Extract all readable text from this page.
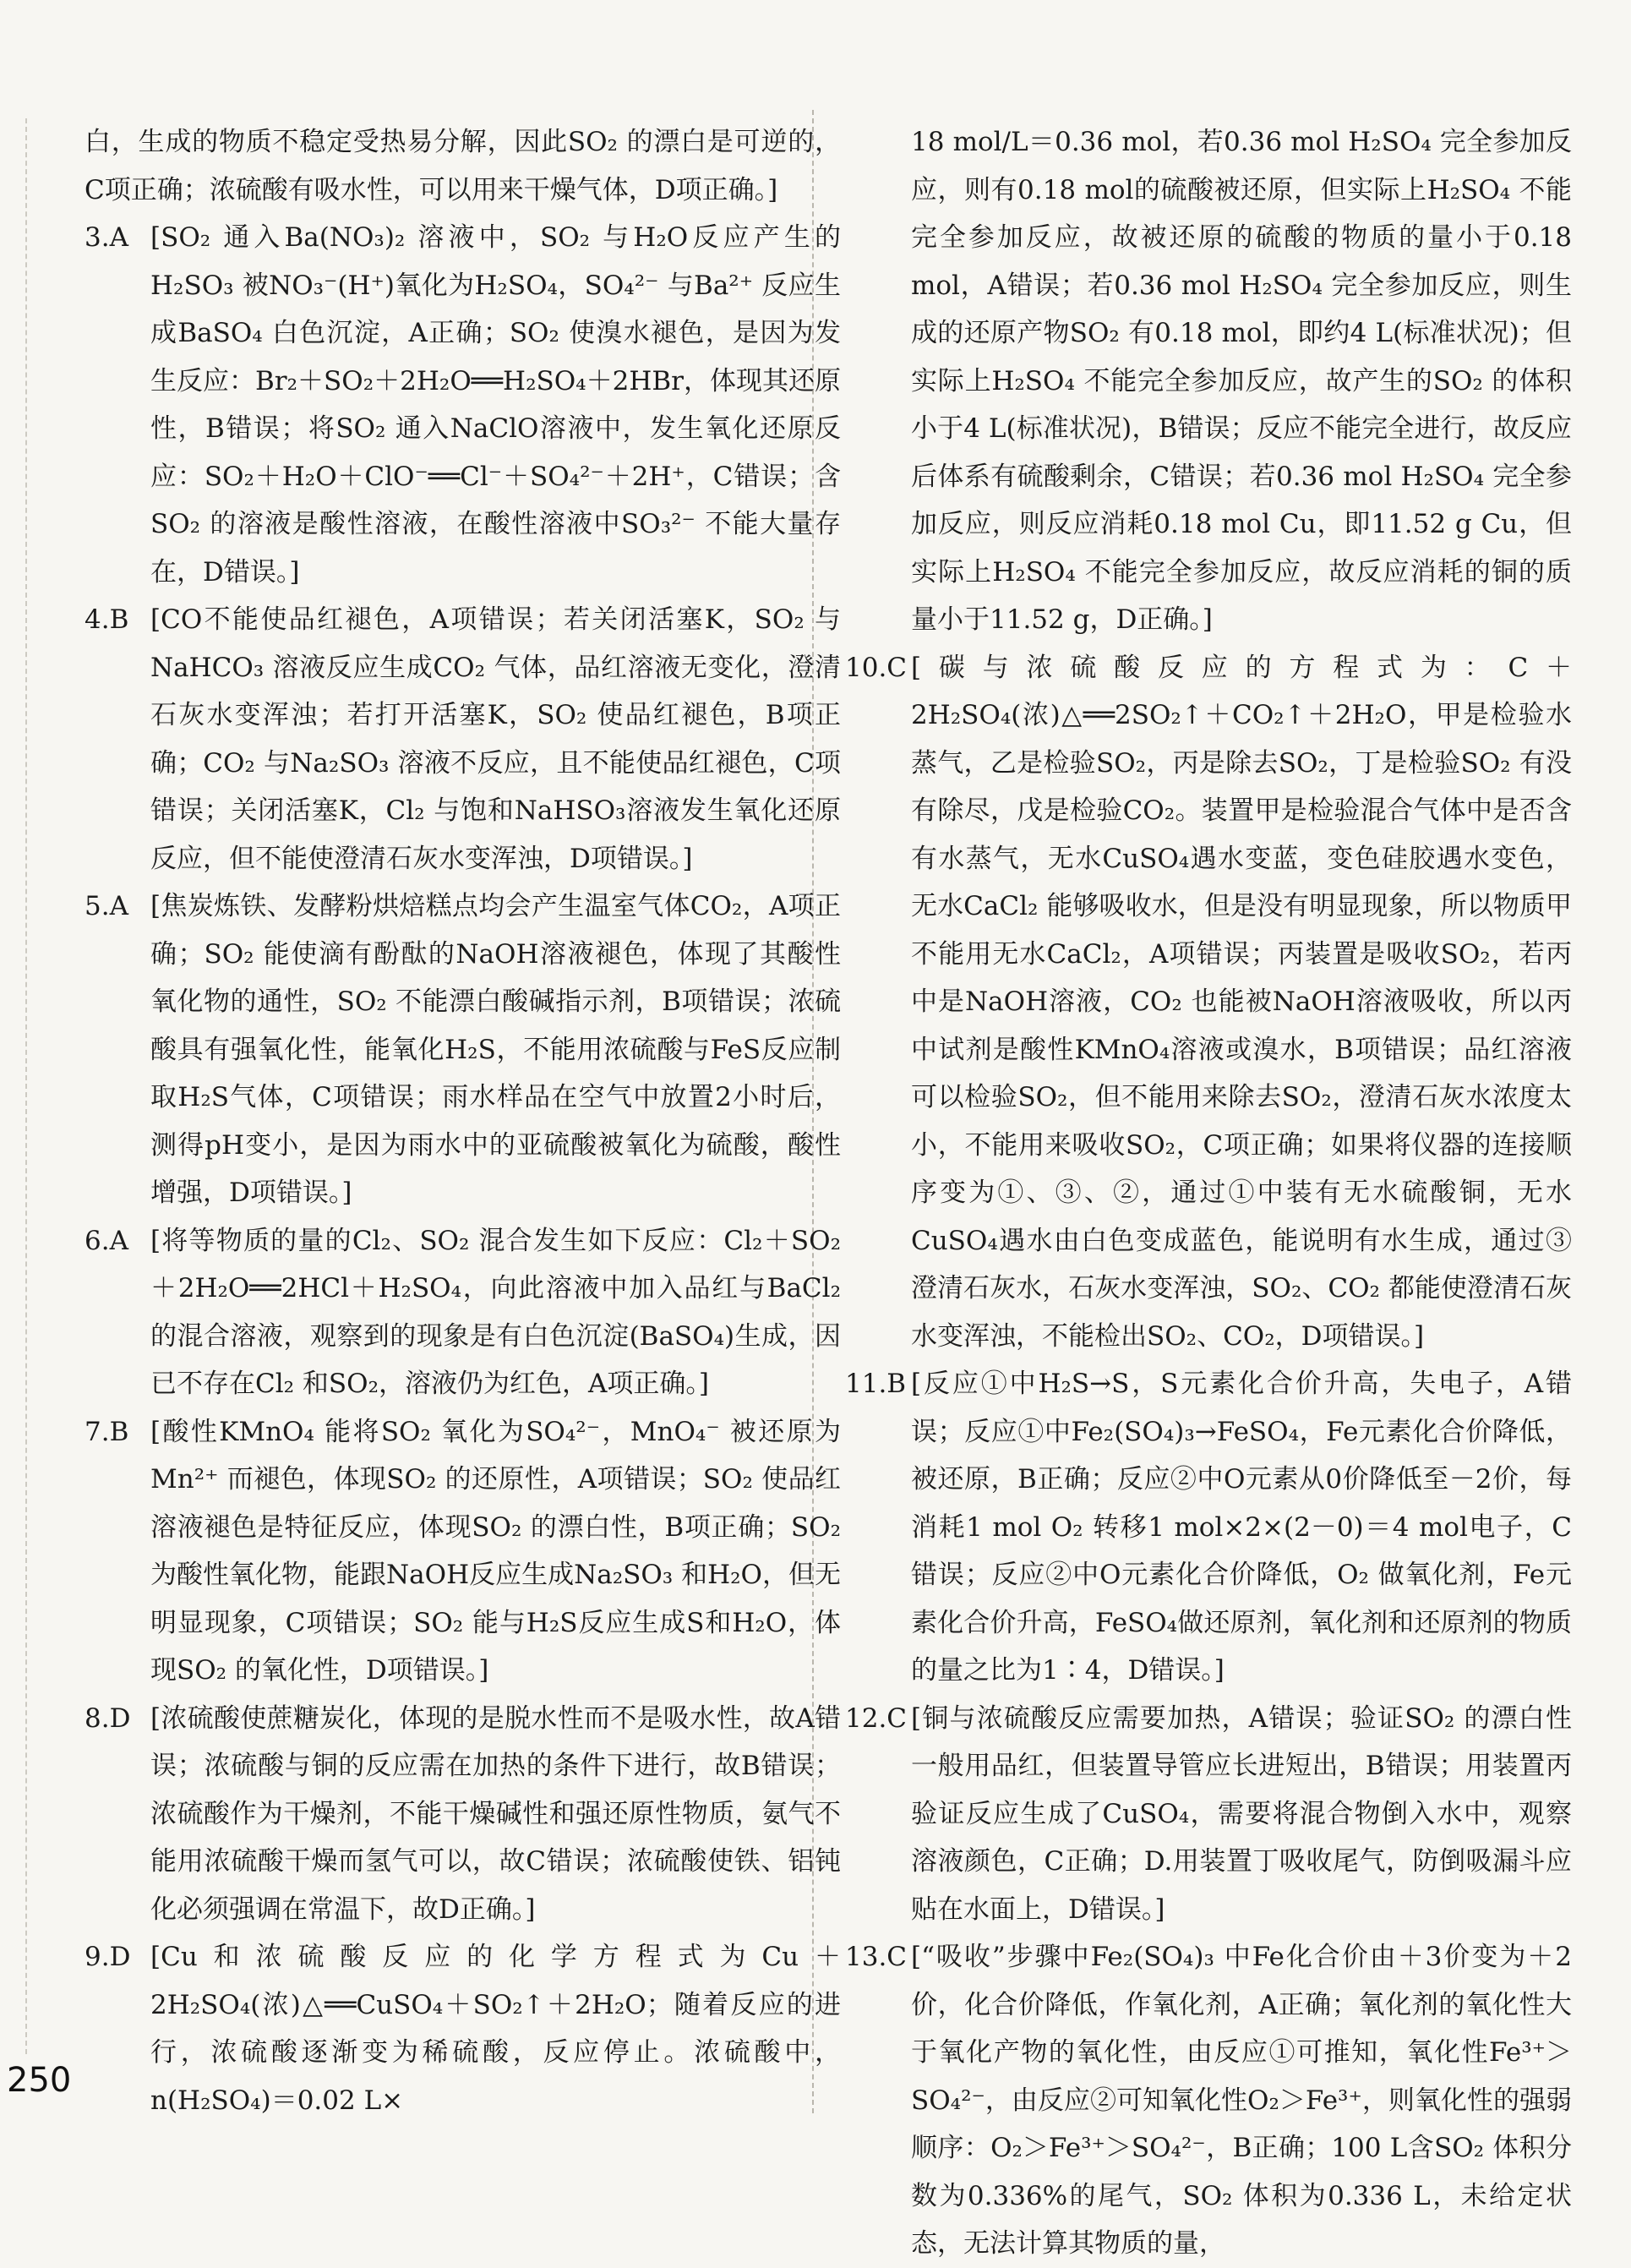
白，生成的物质不稳定受热易分解，因此SO₂ 的漂白是可逆的，C项正确；浓硫酸有吸水性，可以用来干燥气体，D项正确。]
3.A [SO₂ 通入Ba(NO₃)₂ 溶液中，SO₂ 与H₂O反应产生的H₂SO₃ 被NO₃⁻(H⁺)氧化为H₂SO₄，SO₄²⁻ 与Ba²⁺ 反应生成BaSO₄ 白色沉淀，A正确；SO₂ 使溴水褪色，是因为发生反应：Br₂＋SO₂＋2H₂O══H₂SO₄＋2HBr，体现其还原性，B错误；将SO₂ 通入NaClO溶液中，发生氧化还原反应：SO₂＋H₂O＋ClO⁻══Cl⁻＋SO₄²⁻＋2H⁺，C错误；含SO₂ 的溶液是酸性溶液，在酸性溶液中SO₃²⁻ 不能大量存在，D错误。]
4.B [CO不能使品红褪色，A项错误；若关闭活塞K，SO₂ 与NaHCO₃ 溶液反应生成CO₂ 气体，品红溶液无变化，澄清石灰水变浑浊；若打开活塞K，SO₂ 使品红褪色，B项正确；CO₂ 与Na₂SO₃ 溶液不反应，且不能使品红褪色，C项错误；关闭活塞K，Cl₂ 与饱和NaHSO₃溶液发生氧化还原反应，但不能使澄清石灰水变浑浊，D项错误。]
5.A [焦炭炼铁、发酵粉烘焙糕点均会产生温室气体CO₂，A项正确；SO₂ 能使滴有酚酞的NaOH溶液褪色，体现了其酸性氧化物的通性，SO₂ 不能漂白酸碱指示剂，B项错误；浓硫酸具有强氧化性，能氧化H₂S，不能用浓硫酸与FeS反应制取H₂S气体，C项错误；雨水样品在空气中放置2小时后，测得pH变小，是因为雨水中的亚硫酸被氧化为硫酸，酸性增强，D项错误。]
6.A [将等物质的量的Cl₂、SO₂ 混合发生如下反应：Cl₂＋SO₂＋2H₂O══2HCl＋H₂SO₄，向此溶液中加入品红与BaCl₂ 的混合溶液，观察到的现象是有白色沉淀(BaSO₄)生成，因已不存在Cl₂ 和SO₂，溶液仍为红色，A项正确。]
7.B [酸性KMnO₄ 能将SO₂ 氧化为SO₄²⁻，MnO₄⁻ 被还原为Mn²⁺ 而褪色，体现SO₂ 的还原性，A项错误；SO₂ 使品红溶液褪色是特征反应，体现SO₂ 的漂白性，B项正确；SO₂ 为酸性氧化物，能跟NaOH反应生成Na₂SO₃ 和H₂O，但无明显现象，C项错误；SO₂ 能与H₂S反应生成S和H₂O，体现SO₂ 的氧化性，D项错误。]
8.D [浓硫酸使蔗糖炭化，体现的是脱水性而不是吸水性，故A错误；浓硫酸与铜的反应需在加热的条件下进行，故B错误；浓硫酸作为干燥剂，不能干燥碱性和强还原性物质，氨气不能用浓硫酸干燥而氢气可以，故C错误；浓硫酸使铁、铝钝化必须强调在常温下，故D正确。]
9.D [Cu和浓硫酸反应的化学方程式为Cu＋2H₂SO₄(浓)△══CuSO₄＋SO₂↑＋2H₂O；随着反应的进行，浓硫酸逐渐变为稀硫酸，反应停止。浓硫酸中，n(H₂SO₄)＝0.02 L×
18 mol/L＝0.36 mol，若0.36 mol H₂SO₄ 完全参加反应，则有0.18 mol的硫酸被还原，但实际上H₂SO₄ 不能完全参加反应，故被还原的硫酸的物质的量小于0.18 mol，A错误；若0.36 mol H₂SO₄ 完全参加反应，则生成的还原产物SO₂ 有0.18 mol，即约4 L(标准状况)；但实际上H₂SO₄ 不能完全参加反应，故产生的SO₂ 的体积小于4 L(标准状况)，B错误；反应不能完全进行，故反应后体系有硫酸剩余，C错误；若0.36 mol H₂SO₄ 完全参加反应，则反应消耗0.18 mol Cu，即11.52 g Cu，但实际上H₂SO₄ 不能完全参加反应，故反应消耗的铜的质量小于11.52 g，D正确。]
10.C [碳与浓硫酸反应的方程式为：C＋2H₂SO₄(浓)△══2SO₂↑＋CO₂↑＋2H₂O，甲是检验水蒸气，乙是检验SO₂，丙是除去SO₂，丁是检验SO₂ 有没有除尽，戊是检验CO₂。装置甲是检验混合气体中是否含有水蒸气，无水CuSO₄遇水变蓝，变色硅胶遇水变色，无水CaCl₂ 能够吸收水，但是没有明显现象，所以物质甲不能用无水CaCl₂，A项错误；丙装置是吸收SO₂，若丙中是NaOH溶液，CO₂ 也能被NaOH溶液吸收，所以丙中试剂是酸性KMnO₄溶液或溴水，B项错误；品红溶液可以检验SO₂，但不能用来除去SO₂，澄清石灰水浓度太小，不能用来吸收SO₂，C项正确；如果将仪器的连接顺序变为①、③、②，通过①中装有无水硫酸铜，无水CuSO₄遇水由白色变成蓝色，能说明有水生成，通过③澄清石灰水，石灰水变浑浊，SO₂、CO₂ 都能使澄清石灰水变浑浊，不能检出SO₂、CO₂，D项错误。]
11.B [反应①中H₂S→S，S元素化合价升高，失电子，A错误；反应①中Fe₂(SO₄)₃→FeSO₄，Fe元素化合价降低，被还原，B正确；反应②中O元素从0价降低至－2价，每消耗1 mol O₂ 转移1 mol×2×(2－0)＝4 mol电子，C错误；反应②中O元素化合价降低，O₂ 做氧化剂，Fe元素化合价升高，FeSO₄做还原剂，氧化剂和还原剂的物质的量之比为1∶4，D错误。]
12.C [铜与浓硫酸反应需要加热，A错误；验证SO₂ 的漂白性一般用品红，但装置导管应长进短出，B错误；用装置丙验证反应生成了CuSO₄，需要将混合物倒入水中，观察溶液颜色，C正确；D.用装置丁吸收尾气，防倒吸漏斗应贴在水面上，D错误。]
13.C [“吸收”步骤中Fe₂(SO₄)₃ 中Fe化合价由＋3价变为＋2价，化合价降低，作氧化剂，A正确；氧化剂的氧化性大于氧化产物的氧化性，由反应①可推知，氧化性Fe³⁺＞SO₄²⁻，由反应②可知氧化性O₂＞Fe³⁺，则氧化性的强弱顺序：O₂＞Fe³⁺＞SO₄²⁻，B正确；100 L含SO₂ 体积分数为0.336%的尾气，SO₂ 体积为0.336 L，未给定状态，无法计算其物质的量，
250
